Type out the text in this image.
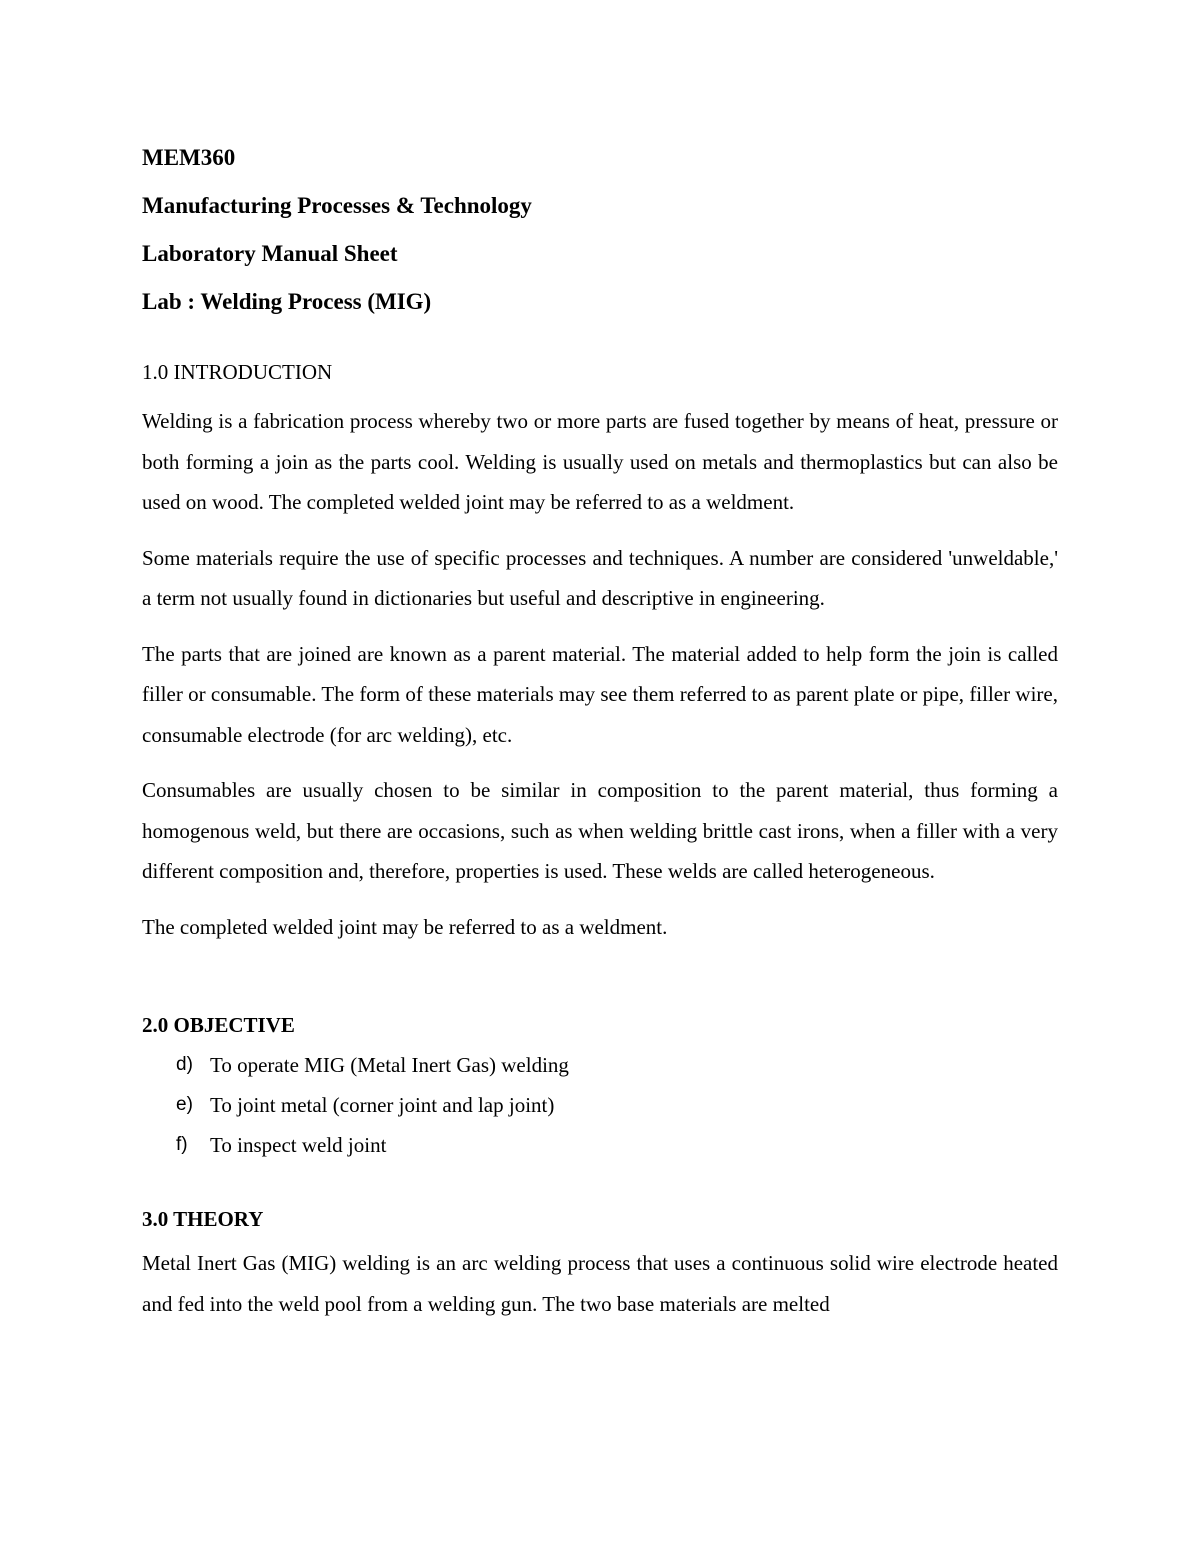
MEM360
Manufacturing Processes & Technology
Laboratory Manual Sheet
Lab : Welding Process (MIG)
1.0 INTRODUCTION

Welding is a fabrication process whereby two or more parts are fused together by means of heat, pressure or both forming a join as the parts cool. Welding is usually used on metals and thermoplastics but can also be used on wood. The completed welded joint may be referred to as a weldment.

Some materials require the use of specific processes and techniques. A number are considered 'unweldable,' a term not usually found in dictionaries but useful and descriptive in engineering.

The parts that are joined are known as a parent material. The material added to help form the join is called filler or consumable. The form of these materials may see them referred to as parent plate or pipe, filler wire, consumable electrode (for arc welding), etc.

Consumables are usually chosen to be similar in composition to the parent material, thus forming a homogenous weld, but there are occasions, such as when welding brittle cast irons, when a filler with a very different composition and, therefore, properties is used. These welds are called heterogeneous.

The completed welded joint may be referred to as a weldment.

2.0 OBJECTIVE
d) To operate MIG (Metal Inert Gas) welding
e) To joint metal (corner joint and lap joint)
f)	To inspect weld joint
3.0 THEORY

Metal Inert Gas (MIG) welding is an arc welding process that uses a continuous solid wire electrode heated and fed into the weld pool from a welding gun. The two base materials are melted
